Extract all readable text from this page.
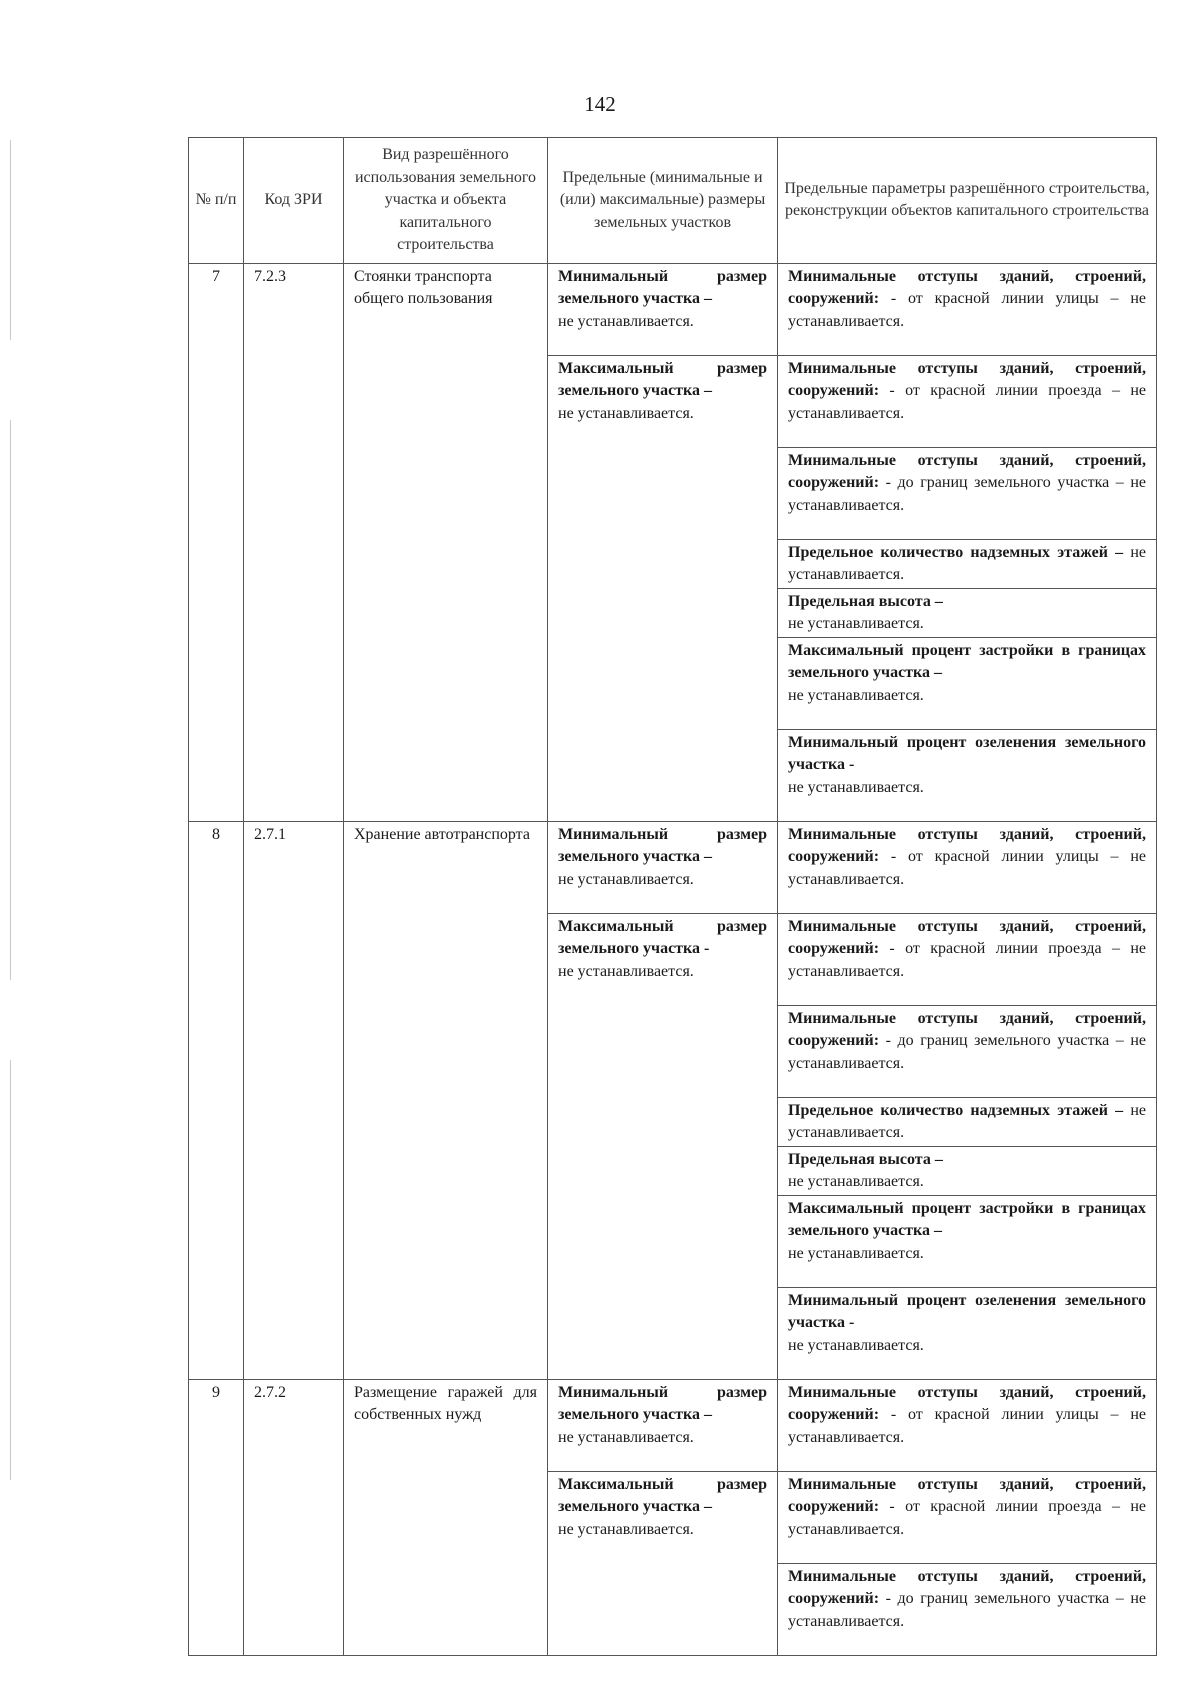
142
№ п/п	Код ЗРИ	Вид разрешённого использования земельного участка и объекта капитального строительства	Предельные (минимальные и (или) максимальные) размеры земельных участков	Предельные параметры разрешённого строительства, реконструкции объектов капитального строительства
7	7.2.3	Стоянки транспорта общего пользования	Минимальный размер земельного участка –
не устанавливается.	Минимальные отступы зданий, строений, сооружений: - от красной линии улицы – не устанавливается.
			Максимальный размер земельного участка –
не устанавливается.	Минимальные отступы зданий, строений, сооружений: - от красной линии проезда – не устанавливается.
				Минимальные отступы зданий, строений, сооружений: - до границ земельного участка – не устанавливается.
				Предельное количество надземных этажей – не устанавливается.
				Предельная высота –
не устанавливается.
				Максимальный процент застройки в границах земельного участка –
не устанавливается.
				Минимальный процент озеленения земельного участка -
не устанавливается.
8	2.7.1	Хранение автотранспорта	Минимальный размер земельного участка –
не устанавливается.	Минимальные отступы зданий, строений, сооружений: - от красной линии улицы – не устанавливается.
			Максимальный размер земельного участка -
не устанавливается.	Минимальные отступы зданий, строений, сооружений: - от красной линии проезда – не устанавливается.
				Минимальные отступы зданий, строений, сооружений: - до границ земельного участка – не устанавливается.
				Предельное количество надземных этажей – не устанавливается.
				Предельная высота –
не устанавливается.
				Максимальный процент застройки в границах земельного участка –
не устанавливается.
				Минимальный процент озеленения земельного участка -
не устанавливается.
9	2.7.2	Размещение гаражей для собственных нужд	Минимальный размер земельного участка –
не устанавливается.	Минимальные отступы зданий, строений, сооружений: - от красной линии улицы – не устанавливается.
			Максимальный размер земельного участка –
не устанавливается.	Минимальные отступы зданий, строений, сооружений: - от красной линии проезда – не устанавливается.
				Минимальные отступы зданий, строений, сооружений: - до границ земельного участка – не устанавливается.
